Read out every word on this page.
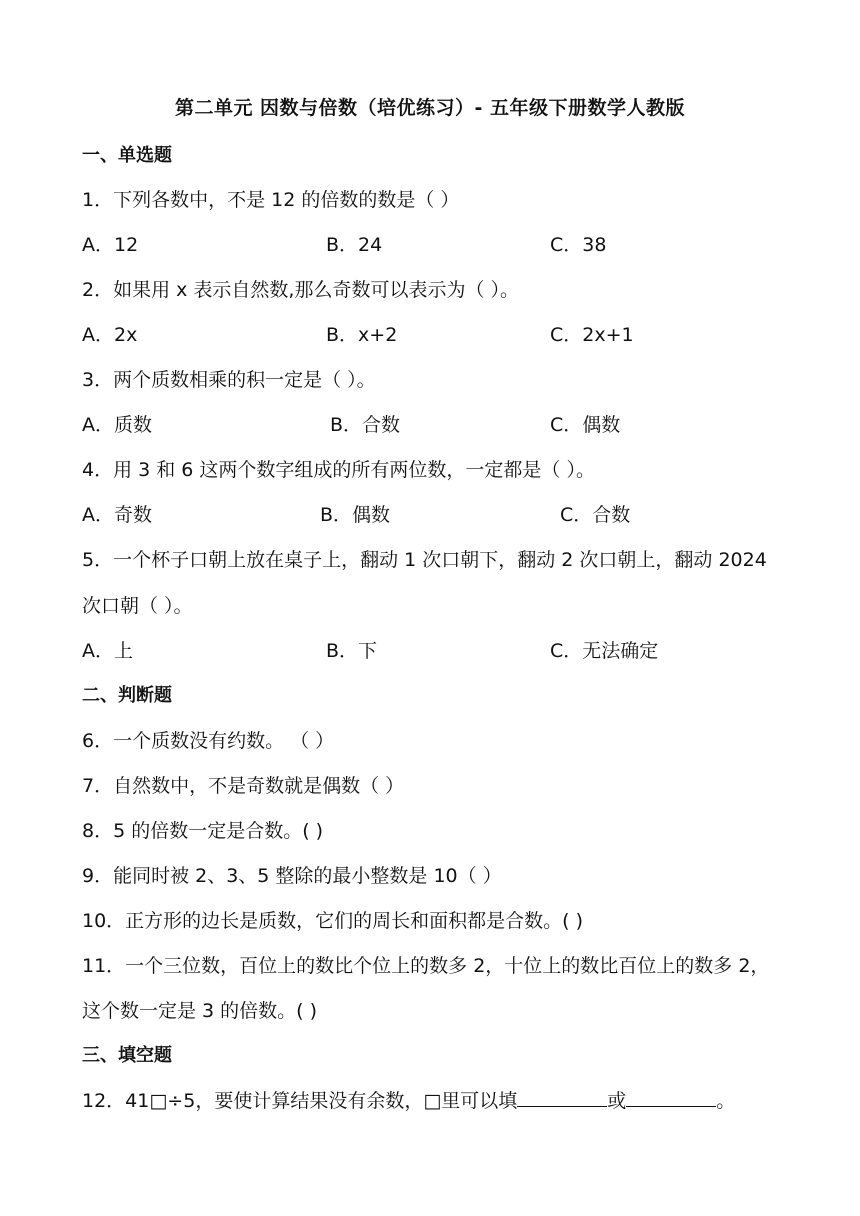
第二单元 因数与倍数（培优练习）- 五年级下册数学人教版
一、单选题
1．下列各数中，不是 12 的倍数的数是（ ）
A．12	B．24	C．38
2．如果用 x 表示自然数,那么奇数可以表示为（ ）。
A．2x	B．x+2	C．2x+1
3．两个质数相乘的积一定是（ ）。
A．质数	B．合数	C．偶数
4．用 3 和 6 这两个数字组成的所有两位数，一定都是（ ）。
A．奇数	B．偶数	C．合数
5．一个杯子口朝上放在桌子上，翻动 1 次口朝下，翻动 2 次口朝上，翻动 2024
次口朝（ ）。
A．上	B．下	C．无法确定
二、判断题
6．一个质数没有约数。 （ ）
7．自然数中，不是奇数就是偶数（ ）
8．5 的倍数一定是合数。( )
9．能同时被 2、3、5 整除的最小整数是 10（ ）
10．正方形的边长是质数，它们的周长和面积都是合数。( )
11．一个三位数，百位上的数比个位上的数多 2，十位上的数比百位上的数多 2，
这个数一定是 3 的倍数。( )
三、填空题
12．41□÷5，要使计算结果没有余数，□里可以填	或	。
